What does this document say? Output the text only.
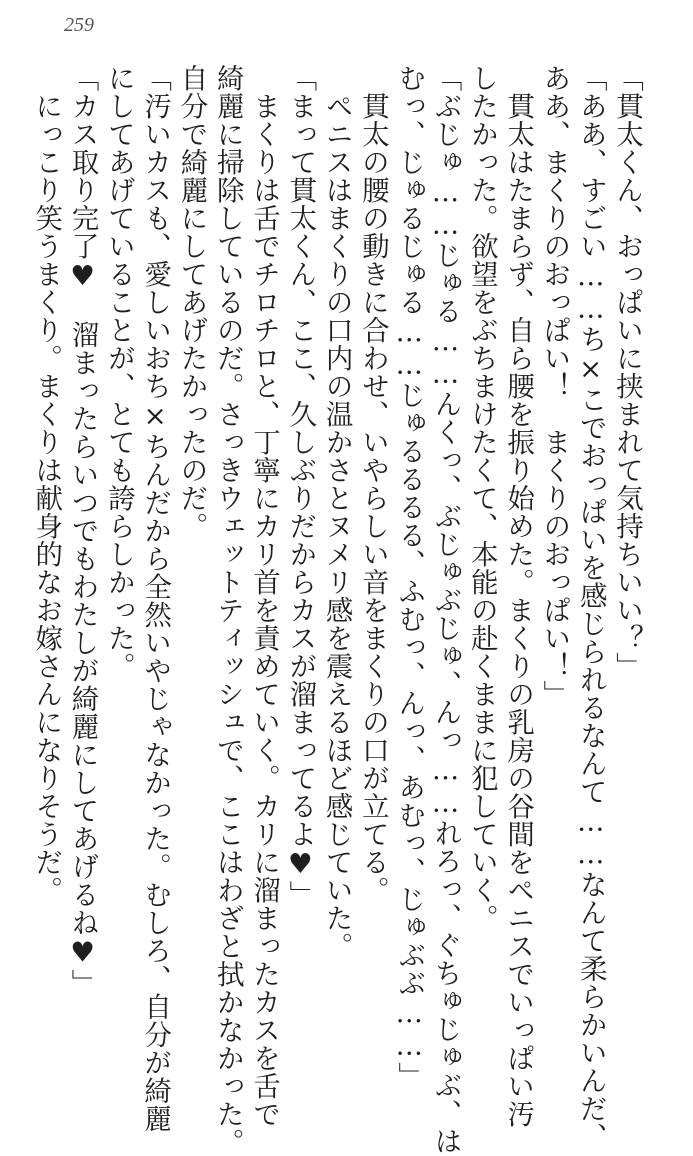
259
「貫太くん、おっぱいに挟まれて気持ちいい？」
「ああ、すごい……ち×こでおっぱいを感じられるなんて……なんて柔らかいんだ、
ああ、まくりのおっぱい！　まくりのおっぱい！」
　貫太はたまらず、自ら腰を振り始めた。まくりの乳房の谷間をペニスでいっぱい汚
したかった。欲望をぶちまけたくて、本能の赴くままに犯していく。
「ぶじゅ……じゅる……んくっ、ぶじゅぶじゅ、んっ……れろっ、ぐちゅじゅぶ、は
むっ、じゅるじゅる……じゅるるるる、ふむっ、んっ、あむっ、じゅぶぶ……」
　貫太の腰の動きに合わせ、いやらしい音をまくりの口が立てる。
　ペニスはまくりの口内の温かさとヌメリ感を震えるほど感じていた。
「まって貫太くん、ここ、久しぶりだからカスが溜まってるよ♥」
　まくりは舌でチロチロと、丁寧にカリ首を責めていく。カリに溜まったカスを舌で
綺麗に掃除しているのだ。さっきウェットティッシュで、ここはわざと拭かなかった。
自分で綺麗にしてあげたかったのだ。
「汚いカスも、愛しいおち×ちんだから全然いやじゃなかった。むしろ、自分が綺麗
にしてあげていることが、とても誇らしかった。
「カス取り完了♥　溜まったらいつでもわたしが綺麗にしてあげるね♥」
　にっこり笑うまくり。まくりは献身的なお嫁さんになりそうだ。
